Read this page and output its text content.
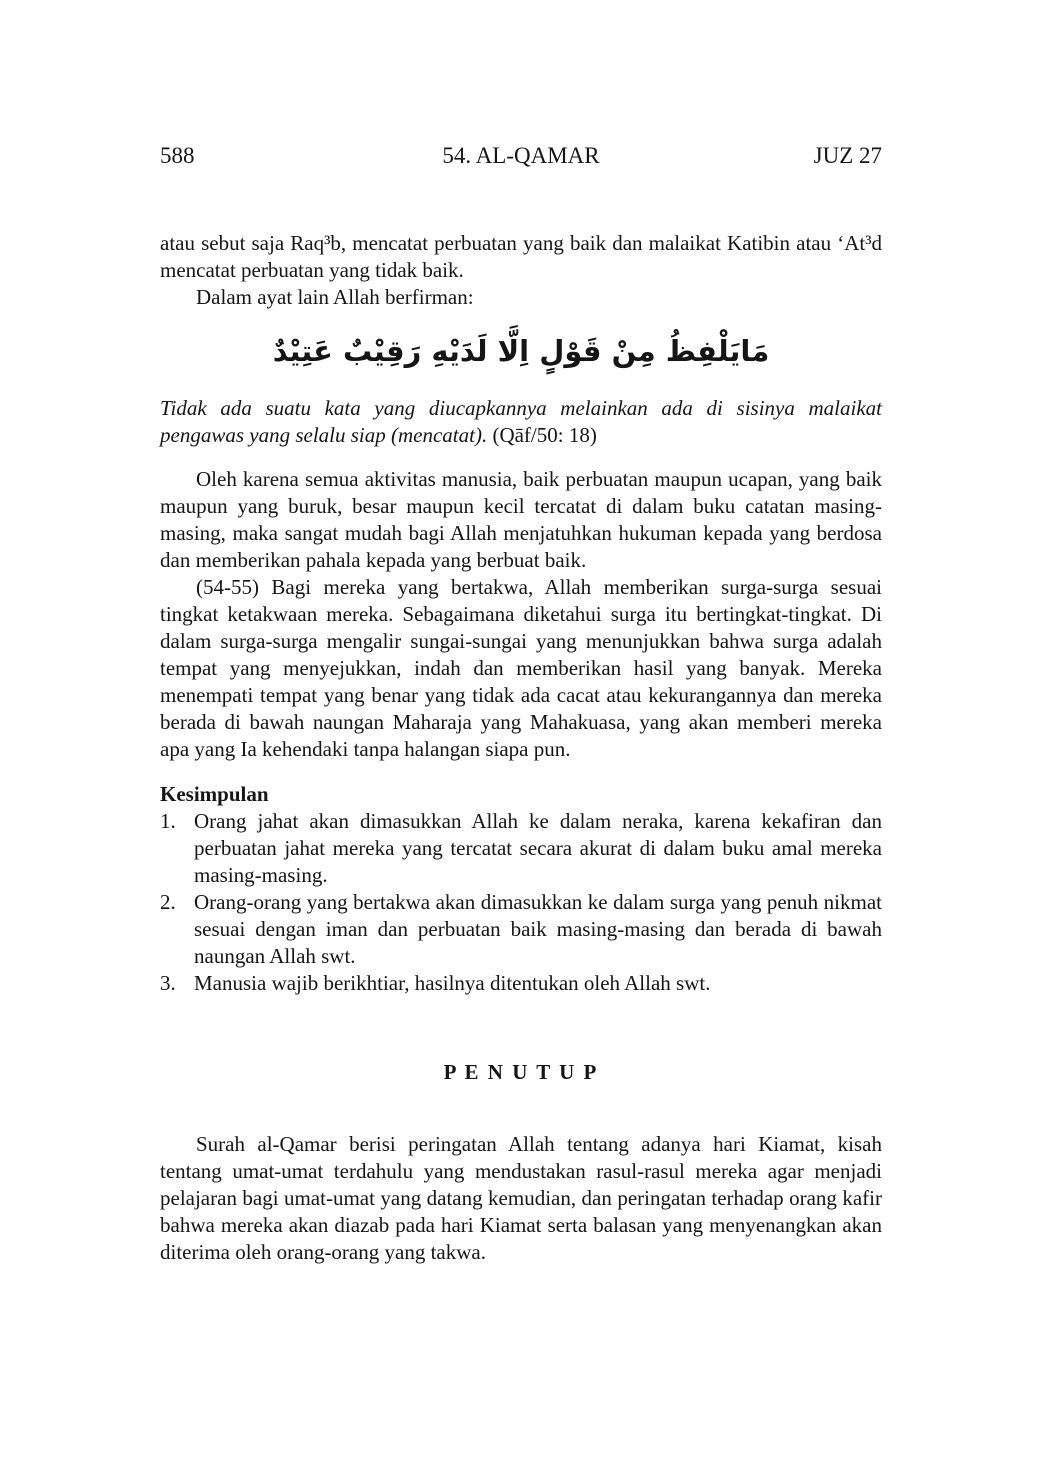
588	54. AL-QAMAR	JUZ 27

atau sebut saja Raq³b, mencatat perbuatan yang baik dan malaikat Katibin atau ‘At³d mencatat perbuatan yang tidak baik.

Dalam ayat lain Allah berfirman:

مَايَلْفِظُ مِنْ قَوْلٍ اِلَّا لَدَيْهِ رَقِيْبٌ عَتِيْدٌ

Tidak ada suatu kata yang diucapkannya melainkan ada di sisinya malaikat pengawas yang selalu siap (mencatat). (Qāf/50: 18)

Oleh karena semua aktivitas manusia, baik perbuatan maupun ucapan, yang baik maupun yang buruk, besar maupun kecil tercatat di dalam buku catatan masing-masing, maka sangat mudah bagi Allah menjatuhkan hukuman kepada yang berdosa dan memberikan pahala kepada yang berbuat baik.

(54-55) Bagi mereka yang bertakwa, Allah memberikan surga-surga sesuai tingkat ketakwaan mereka. Sebagaimana diketahui surga itu bertingkat-tingkat. Di dalam surga-surga mengalir sungai-sungai yang menunjukkan bahwa surga adalah tempat yang menyejukkan, indah dan memberikan hasil yang banyak. Mereka menempati tempat yang benar yang tidak ada cacat atau kekurangannya dan mereka berada di bawah naungan Maharaja yang Mahakuasa, yang akan memberi mereka apa yang Ia kehendaki tanpa halangan siapa pun.

Kesimpulan

1. Orang jahat akan dimasukkan Allah ke dalam neraka, karena kekafiran dan perbuatan jahat mereka yang tercatat secara akurat di dalam buku amal mereka masing-masing.
2. Orang-orang yang bertakwa akan dimasukkan ke dalam surga yang penuh nikmat sesuai dengan iman dan perbuatan baik masing-masing dan berada di bawah naungan Allah swt.
3. Manusia wajib berikhtiar, hasilnya ditentukan oleh Allah swt.

P E N U T U P

Surah al-Qamar berisi peringatan Allah tentang adanya hari Kiamat, kisah tentang umat-umat terdahulu yang mendustakan rasul-rasul mereka agar menjadi pelajaran bagi umat-umat yang datang kemudian, dan peringatan terhadap orang kafir bahwa mereka akan diazab pada hari Kiamat serta balasan yang menyenangkan akan diterima oleh orang-orang yang takwa.
